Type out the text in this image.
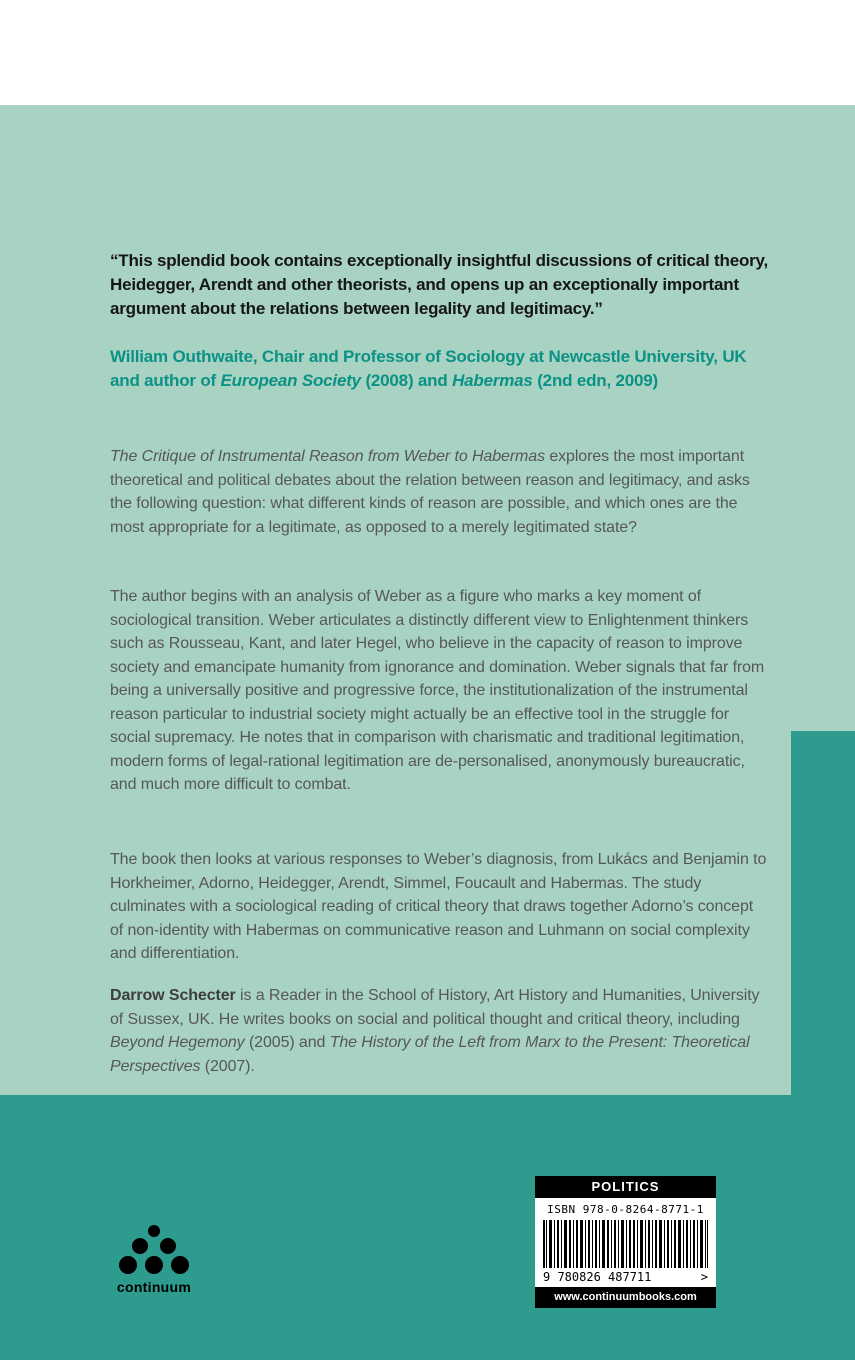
“This splendid book contains exceptionally insightful discussions of critical theory, Heidegger, Arendt and other theorists, and opens up an exceptionally important argument about the relations between legality and legitimacy.”

William Outhwaite, Chair and Professor of Sociology at Newcastle University, UK and author of European Society (2008) and Habermas (2nd edn, 2009)

The Critique of Instrumental Reason from Weber to Habermas explores the most important theoretical and political debates about the relation between reason and legitimacy, and asks the following question: what different kinds of reason are possible, and which ones are the most appropriate for a legitimate, as opposed to a merely legitimated state?

The author begins with an analysis of Weber as a figure who marks a key moment of sociological transition. Weber articulates a distinctly different view to Enlightenment thinkers such as Rousseau, Kant, and later Hegel, who believe in the capacity of reason to improve society and emancipate humanity from ignorance and domination. Weber signals that far from being a universally positive and progressive force, the institutionalization of the instrumental reason particular to industrial society might actually be an effective tool in the struggle for social supremacy. He notes that in comparison with charismatic and traditional legitimation, modern forms of legal-rational legitimation are de-personalised, anonymously bureaucratic, and much more difficult to combat.

The book then looks at various responses to Weber’s diagnosis, from Lukács and Benjamin to Horkheimer, Adorno, Heidegger, Arendt, Simmel, Foucault and Habermas. The study culminates with a sociological reading of critical theory that draws together Adorno’s concept of non-identity with Habermas on communicative reason and Luhmann on social complexity and differentiation.

Darrow Schecter is a Reader in the School of History, Art History and Humanities, University of Sussex, UK. He writes books on social and political thought and critical theory, including Beyond Hegemony (2005) and The History of the Left from Marx to the Present: Theoretical Perspectives (2007).

continuum
POLITICS
ISBN 978-0-8264-8771-1
9 780826 487711	>
www.continuumbooks.com
